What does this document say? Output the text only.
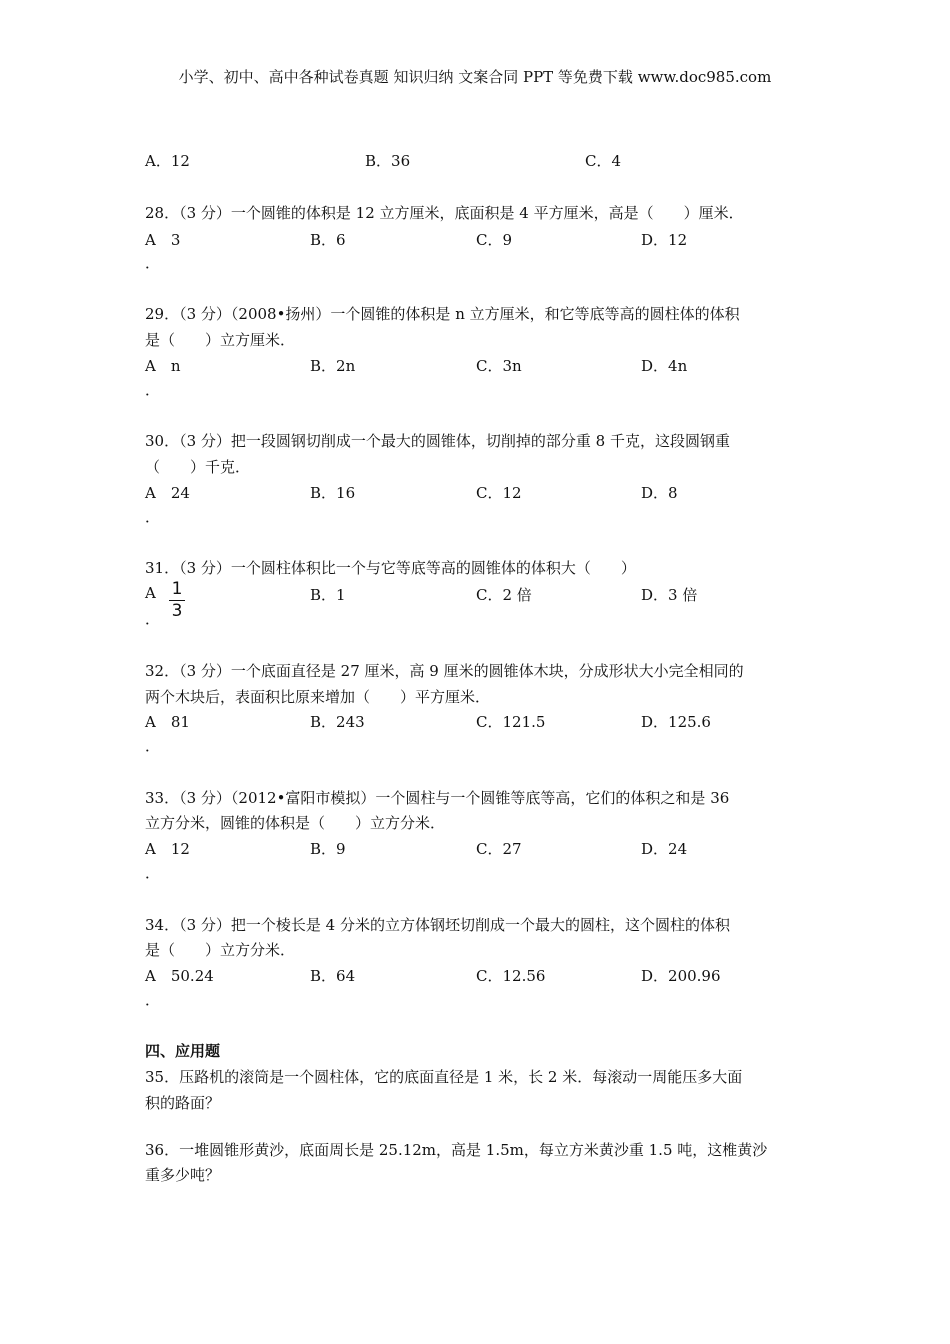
小学、初中、高中各种试卷真题 知识归纳 文案合同 PPT 等免费下载 www.doc985.com
A．12	B．36	C．4
28．（3 分）一个圆锥的体积是 12 立方厘米，底面积是 4 平方厘米，高是（　　）厘米．
A　3	B．6	C．9	D．12
．
29．（3 分）（2008•扬州）一个圆锥的体积是 n 立方厘米，和它等底等高的圆柱体的体积
是（　　）立方厘米．
A　n	B．2n	C．3n	D．4n
．
30．（3 分）把一段圆钢切削成一个最大的圆锥体，切削掉的部分重 8 千克，这段圆钢重
（　　）千克．
A　24	B．16	C．12	D．8
．
31．（3 分）一个圆柱体积比一个与它等底等高的圆锥体的体积大（　　）
A 1
3
B．1	C．2 倍	D．3 倍
．
32．（3 分）一个底面直径是 27 厘米，高 9 厘米的圆锥体木块，分成形状大小完全相同的
两个木块后，表面积比原来增加（　　）平方厘米．
A　81	B．243	C．121.5	D．125.6
．
33．（3 分）（2012•富阳市模拟）一个圆柱与一个圆锥等底等高，它们的体积之和是 36
立方分米，圆锥的体积是（　　）立方分米．
A　12	B．9	C．27	D．24
．
34．（3 分）把一个棱长是 4 分米的立方体钢坯切削成一个最大的圆柱，这个圆柱的体积
是（　　）立方分米．
A　50.24	B．64	C．12.56	D．200.96
．
四、应用题
35．压路机的滚筒是一个圆柱体，它的底面直径是 1 米，长 2 米．每滚动一周能压多大面
积的路面？
36．一堆圆锥形黄沙，底面周长是 25.12m，高是 1.5m，每立方米黄沙重 1.5 吨，这椎黄沙
重多少吨？
